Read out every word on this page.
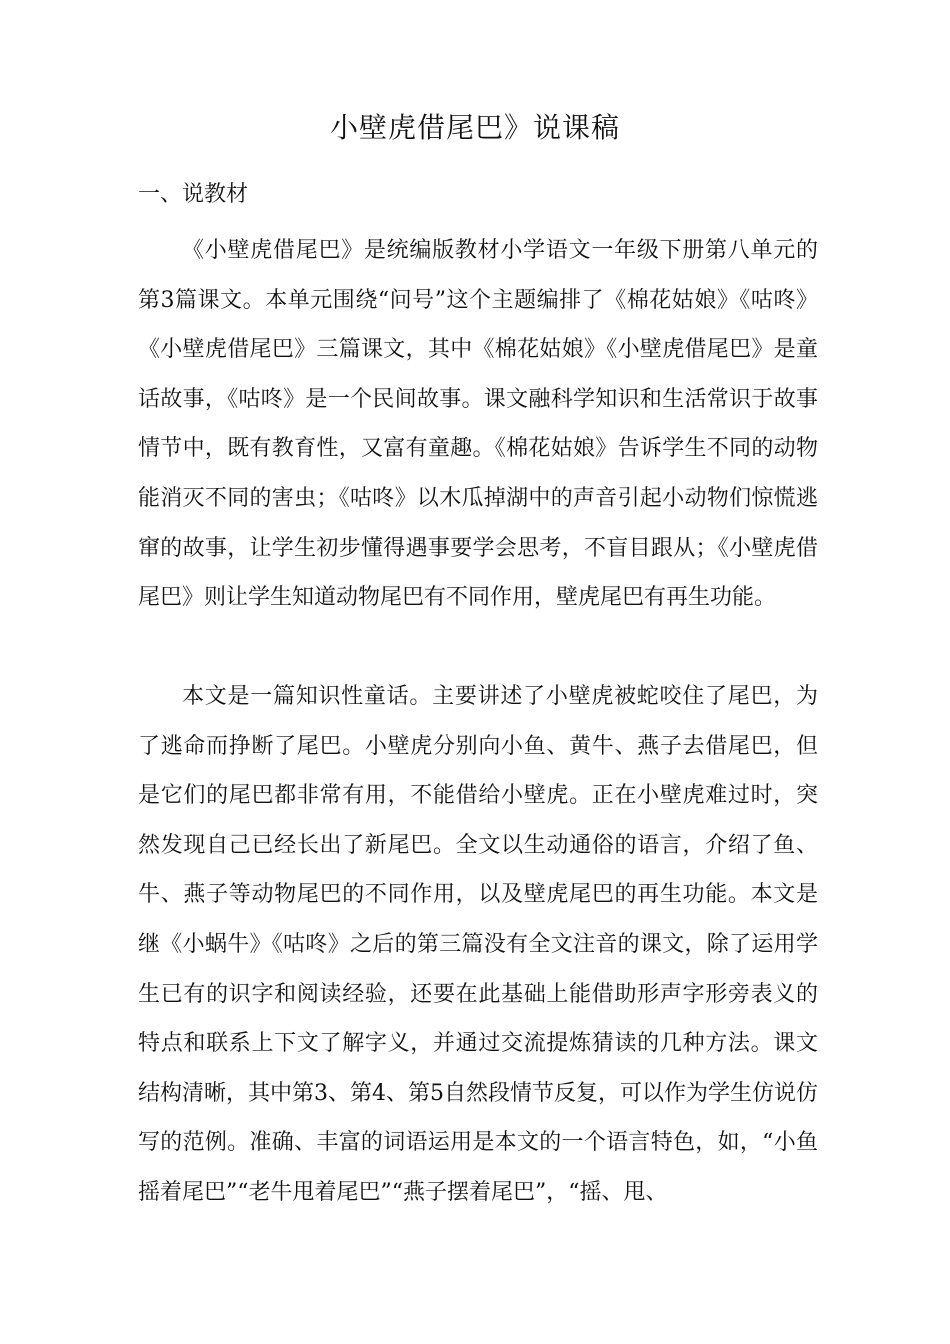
小壁虎借尾巴》说课稿
一、说教材

《小壁虎借尾巴》是统编版教材小学语文一年级下册第八单元的第3篇课文。本单元围绕“问号”这个主题编排了《棉花姑娘》《咕咚》《小壁虎借尾巴》三篇课文，其中《棉花姑娘》《小壁虎借尾巴》是童话故事，《咕咚》是一个民间故事。课文融科学知识和生活常识于故事情节中，既有教育性，又富有童趣。《棉花姑娘》告诉学生不同的动物能消灭不同的害虫；《咕咚》以木瓜掉湖中的声音引起小动物们惊慌逃窜的故事，让学生初步懂得遇事要学会思考，不盲目跟从；《小壁虎借尾巴》则让学生知道动物尾巴有不同作用，壁虎尾巴有再生功能。

本文是一篇知识性童话。主要讲述了小壁虎被蛇咬住了尾巴，为了逃命而挣断了尾巴。小壁虎分别向小鱼、黄牛、燕子去借尾巴，但是它们的尾巴都非常有用，不能借给小壁虎。正在小壁虎难过时，突然发现自己已经长出了新尾巴。全文以生动通俗的语言，介绍了鱼、牛、燕子等动物尾巴的不同作用，以及壁虎尾巴的再生功能。本文是继《小蜗牛》《咕咚》之后的第三篇没有全文注音的课文，除了运用学生已有的识字和阅读经验，还要在此基础上能借助形声字形旁表义的特点和联系上下文了解字义，并通过交流提炼猜读的几种方法。课文结构清晰，其中第3、第4、第5自然段情节反复，可以作为学生仿说仿写的范例。准确、丰富的词语运用是本文的一个语言特色，如，“小鱼摇着尾巴”“老牛甩着尾巴”“燕子摆着尾巴”，“摇、甩、
